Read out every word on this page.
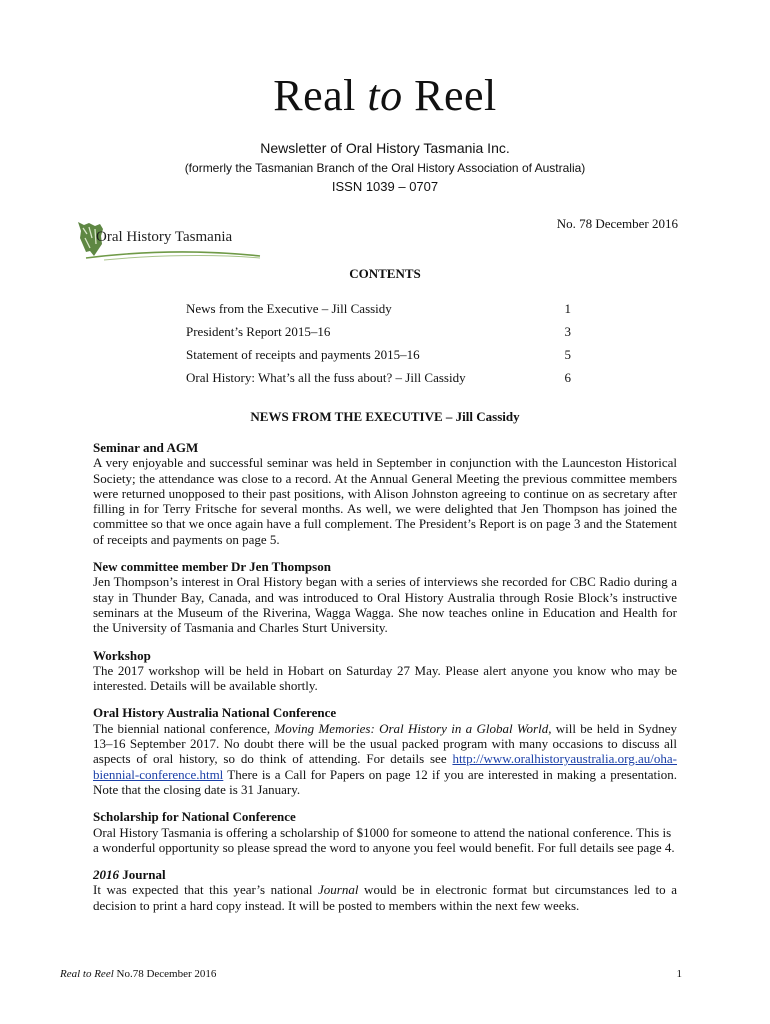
Real to Reel
Newsletter of Oral History Tasmania Inc.
(formerly the Tasmanian Branch of the Oral History Association of Australia)
ISSN 1039 – 0707
Oral History Tasmania
No. 78 December 2016
CONTENTS
News from the Executive – Jill Cassidy	1
President’s Report 2015–16	3
Statement of receipts and payments 2015–16	5
Oral History: What’s all the fuss about? – Jill Cassidy	6
NEWS FROM THE EXECUTIVE – Jill Cassidy
Seminar and AGM

A very enjoyable and successful seminar was held in September in conjunction with the Launceston Historical Society; the attendance was close to a record. At the Annual General Meeting the previous committee members were returned unopposed to their past positions, with Alison Johnston agreeing to continue on as secretary after filling in for Terry Fritsche for several months. As well, we were delighted that Jen Thompson has joined the committee so that we once again have a full complement. The President’s Report is on page 3 and the Statement of receipts and payments on page 5.

New committee member Dr Jen Thompson

Jen Thompson’s interest in Oral History began with a series of interviews she recorded for CBC Radio during a stay in Thunder Bay, Canada, and was introduced to Oral History Australia through Rosie Block’s instructive seminars at the Museum of the Riverina, Wagga Wagga. She now teaches online in Education and Health for the University of Tasmania and Charles Sturt University.

Workshop

The 2017 workshop will be held in Hobart on Saturday 27 May. Please alert anyone you know who may be interested. Details will be available shortly.

Oral History Australia National Conference

The biennial national conference, Moving Memories: Oral History in a Global World, will be held in Sydney 13–16 September 2017. No doubt there will be the usual packed program with many occasions to discuss all aspects of oral history, so do think of attending. For details see http://www.oralhistoryaustralia.org.au/oha-biennial-conference.html There is a Call for Papers on page 12 if you are interested in making a presentation. Note that the closing date is 31 January.

Scholarship for National Conference

Oral History Tasmania is offering a scholarship of $1000 for someone to attend the national conference. This is a wonderful opportunity so please spread the word to anyone you feel would benefit. For full details see page 4.

2016 Journal

It was expected that this year’s national Journal would be in electronic format but circumstances led to a decision to print a hard copy instead. It will be posted to members within the next few weeks.

Real to Reel No.78 December 2016	1
